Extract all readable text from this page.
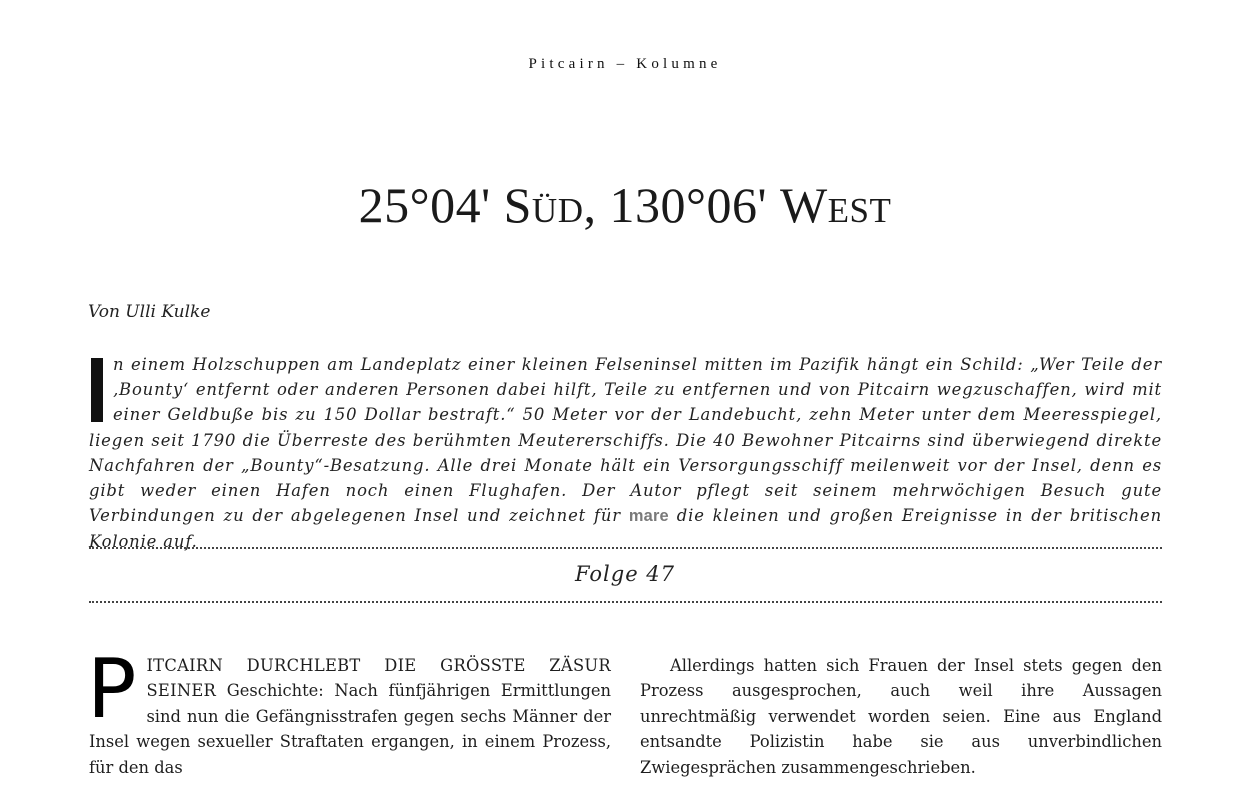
Pitcairn – Kolumne
25°04' Süd, 130°06' West
Von Ulli Kulke

n einem Holzschuppen am Landeplatz einer kleinen Felseninsel mitten im Pazifik hängt ein Schild: „Wer Teile der ‚Bounty‘ entfernt oder anderen Personen dabei hilft, Teile zu entfernen und von Pitcairn wegzuschaffen, wird mit einer Geldbuße bis zu 150 Dollar bestraft.“ 50 Meter vor der Landebucht, zehn Meter unter dem Meeresspiegel, liegen seit 1790 die Überreste des berühmten Meutererschiffs. Die 40 Bewohner Pitcairns sind überwiegend direkte Nachfahren der „Bounty“-Besatzung. Alle drei Monate hält ein Versorgungsschiff meilenweit vor der Insel, denn es gibt weder einen Hafen noch einen Flughafen. Der Autor pflegt seit seinem mehrwöchigen Besuch gute Verbindungen zu der abgelegenen Insel und zeichnet für mare die kleinen und großen Ereignisse in der britischen Kolonie auf.

Folge 47

PITCAIRN DURCHLEBT DIE GRÖSSTE ZÄSUR SEINER Geschichte: Nach fünfjährigen Ermittlungen sind nun die Gefängnisstrafen gegen sechs Männer der Insel wegen sexueller Straftaten ergangen, in einem Prozess, für den das

Allerdings hatten sich Frauen der Insel stets gegen den Prozess ausgesprochen, auch weil ihre Aussagen unrechtmäßig verwendet worden seien. Eine aus England entsandte Polizistin habe sie aus unverbindlichen Zwiegesprächen zusammengeschrieben.
